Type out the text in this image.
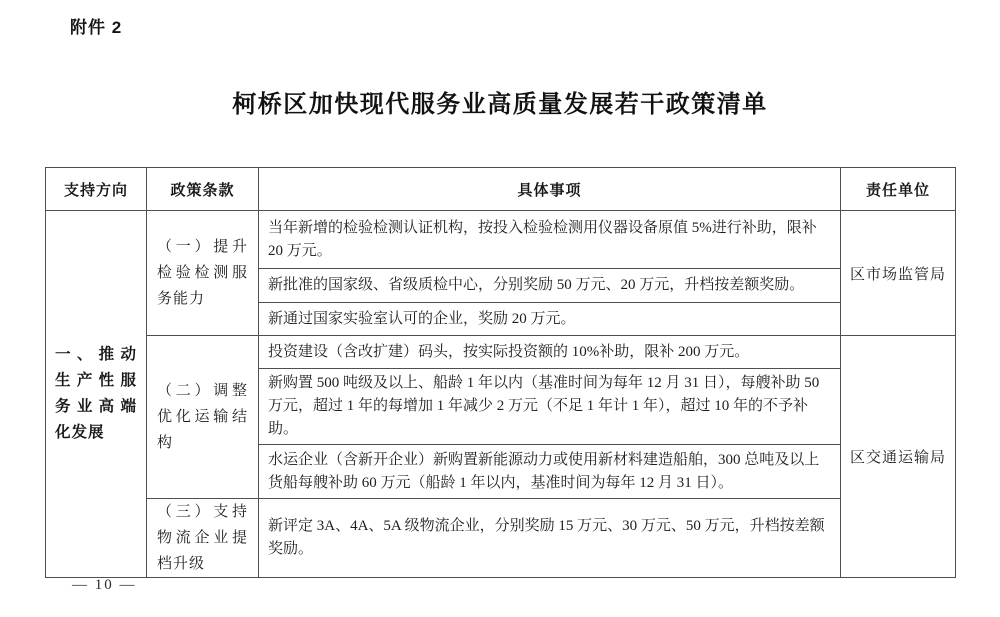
附件 2
柯桥区加快现代服务业高质量发展若干政策清单
支持方向	政策条款	具体事项	责任单位
一、推动生产性服务业高端化发展	（一）提升检验检测服务能力	当年新增的检验检测认证机构，按投入检验检测用仪器设备原值 5%进行补助，限补 20 万元。	区市场监管局
		新批准的国家级、省级质检中心，分别奖励 50 万元、20 万元，升档按差额奖励。	
		新通过国家实验室认可的企业，奖励 20 万元。	
	（二）调整优化运输结构	投资建设（含改扩建）码头，按实际投资额的 10%补助，限补 200 万元。	区交通运输局
		新购置 500 吨级及以上、船龄 1 年以内（基准时间为每年 12 月 31 日），每艘补助 50 万元，超过 1 年的每增加 1 年减少 2 万元（不足 1 年计 1 年），超过 10 年的不予补助。	
		水运企业（含新开企业）新购置新能源动力或使用新材料建造船舶，300 总吨及以上货船每艘补助 60 万元（船龄 1 年以内，基准时间为每年 12 月 31 日）。	
	（三）支持物流企业提档升级	新评定 3A、4A、5A 级物流企业，分别奖励 15 万元、30 万元、50 万元，升档按差额奖励。	
— 10 —
